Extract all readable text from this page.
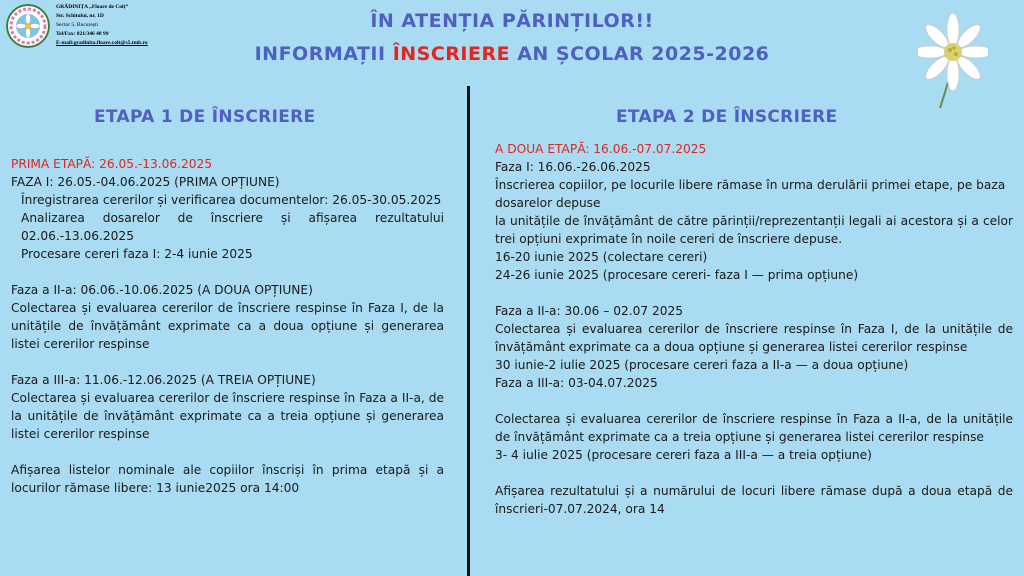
GRĂDINIȚA „Floare de Colț”
Str. Schitului, nr. 1D
Sector 5, București
Tel/Fax: 021/346 48 99
E-mail:gradinita.floare.colt@s5.tmb.ro
ÎN ATENȚIA PĂRINȚILOR!!
INFORMAȚII ÎNSCRIERE AN ȘCOLAR 2025-2026
ETAPA 1 DE ÎNSCRIERE	ETAPA 2 DE ÎNSCRIERE

PRIMA ETAPĂ: 26.05.-13.06.2025

FAZA I: 26.05.-04.06.2025 (PRIMA OPȚIUNE)

Înregistrarea cererilor și verificarea documentelor: 26.05-30.05.2025

Analizarea dosarelor de înscriere și afișarea rezultatului 02.06.-13.06.2025

Procesare cereri faza I: 2-4 iunie 2025

Faza a II-a: 06.06.-10.06.2025 (A DOUA OPȚIUNE)

Colectarea și evaluarea cererilor de înscriere respinse în Faza I, de la unitățile de învățământ exprimate ca a doua opțiune și generarea listei cererilor respinse

Faza a III-a: 11.06.-12.06.2025 (A TREIA OPȚIUNE)

Colectarea și evaluarea cererilor de înscriere respinse în Faza a II-a, de la unitățile de învățământ exprimate ca a treia opțiune și generarea listei cererilor respinse

Afișarea listelor nominale ale copiilor înscriși în prima etapă și a locurilor rămase libere: 13 iunie2025 ora 14:00

A DOUA ETAPĂ: 16.06.-07.07.2025

Faza I: 16.06.-26.06.2025

Înscrierea copiilor, pe locurile libere rămase în urma derulării primei etape, pe baza dosarelor depuse

la unitățile de învățământ de către părinții/reprezentanții legali ai acestora și a celor trei opțiuni exprimate în noile cereri de înscriere depuse.

16-20 iunie 2025 (colectare cereri)

24-26 iunie 2025 (procesare cereri- faza I — prima opțiune)

Faza a II-a: 30.06 – 02.07 2025

Colectarea și evaluarea cererilor de înscriere respinse în Faza I, de la unitățile de învățământ exprimate ca a doua opțiune și generarea listei cererilor respinse

30 iunie-2 iulie 2025 (procesare cereri faza a II-a — a doua opțiune)

Faza a III-a: 03-04.07.2025

Colectarea și evaluarea cererilor de înscriere respinse în Faza a II-a, de la unitățile de învățământ exprimate ca a treia opțiune și generarea listei cererilor respinse

3- 4 iulie 2025 (procesare cereri faza a III-a — a treia opțiune)

Afișarea rezultatului și a numărului de locuri libere rămase după a doua etapă de înscrieri-07.07.2024, ora 14
